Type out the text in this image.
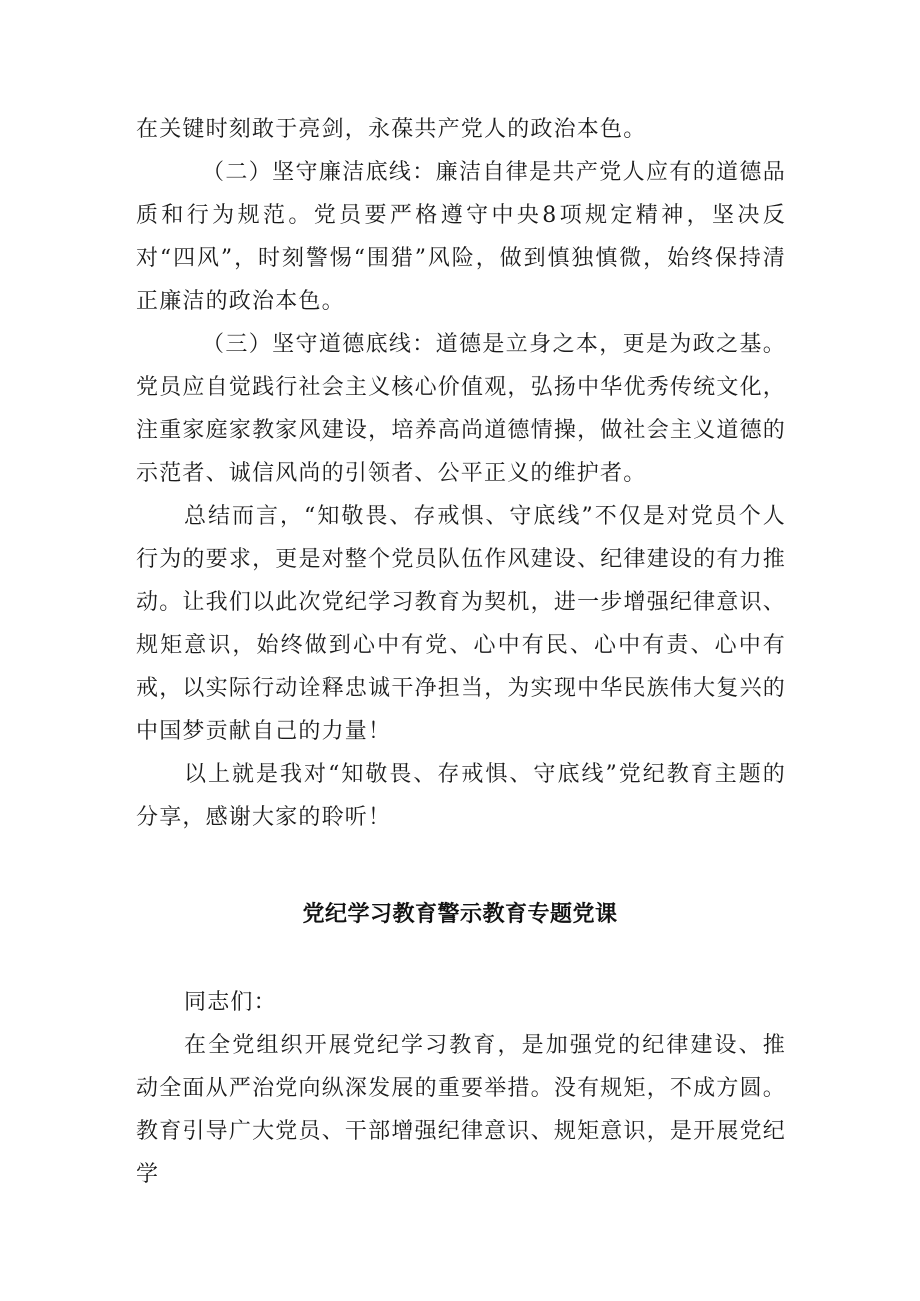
在关键时刻敢于亮剑，永葆共产党人的政治本色。

（二）坚守廉洁底线：廉洁自律是共产党人应有的道德品质和行为规范。党员要严格遵守中央8项规定精神，坚决反对“四风”，时刻警惕“围猎”风险，做到慎独慎微，始终保持清正廉洁的政治本色。

（三）坚守道德底线：道德是立身之本，更是为政之基。党员应自觉践行社会主义核心价值观，弘扬中华优秀传统文化，注重家庭家教家风建设，培养高尚道德情操，做社会主义道德的示范者、诚信风尚的引领者、公平正义的维护者。

总结而言，“知敬畏、存戒惧、守底线”不仅是对党员个人行为的要求，更是对整个党员队伍作风建设、纪律建设的有力推动。让我们以此次党纪学习教育为契机，进一步增强纪律意识、规矩意识，始终做到心中有党、心中有民、心中有责、心中有戒，以实际行动诠释忠诚干净担当，为实现中华民族伟大复兴的中国梦贡献自己的力量！

以上就是我对“知敬畏、存戒惧、守底线”党纪教育主题的分享，感谢大家的聆听！

党纪学习教育警示教育专题党课

同志们：

在全党组织开展党纪学习教育，是加强党的纪律建设、推动全面从严治党向纵深发展的重要举措。没有规矩，不成方圆。教育引导广大党员、干部增强纪律意识、规矩意识，是开展党纪学
